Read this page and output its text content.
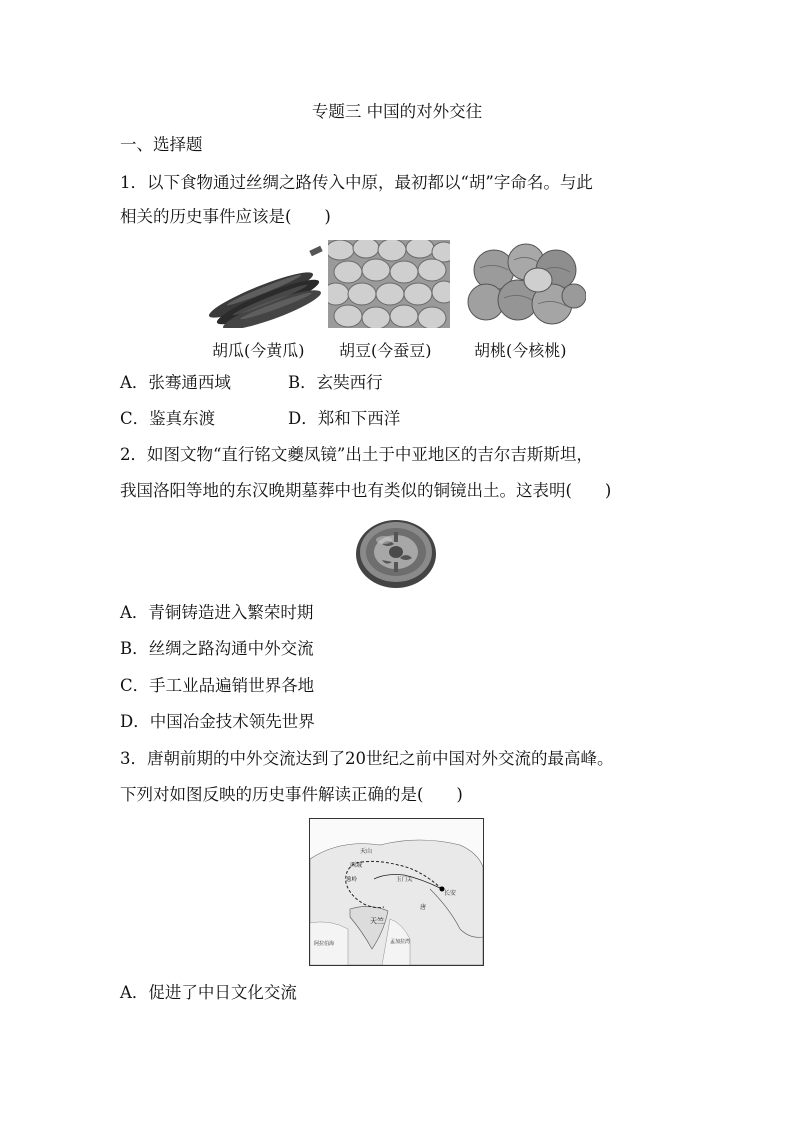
专题三 中国的对外交往
一、选择题
1．以下食物通过丝绸之路传入中原，最初都以“胡”字命名。与此
相关的历史事件应该是(　　)
胡瓜(今黄瓜) 胡豆(今蚕豆)	胡桃(今核桃)
A．张骞通西域	B．玄奘西行
C．鉴真东渡	D．郑和下西洋
2．如图文物“直行铭文夔凤镜”出土于中亚地区的吉尔吉斯斯坦，
我国洛阳等地的东汉晚期墓葬中也有类似的铜镜出土。这表明(　　)
A．青铜铸造进入繁荣时期
B．丝绸之路沟通中外交流
C．手工业品遍销世界各地
D．中国冶金技术领先世界
3．唐朝前期的中外交流达到了20世纪之前中国对外交流的最高峰。
下列对如图反映的历史事件解读正确的是(　　)
天山
西域
葱岭	玉门关
长安
天竺
阿拉伯海	孟加拉湾
唐
A．促进了中日文化交流
